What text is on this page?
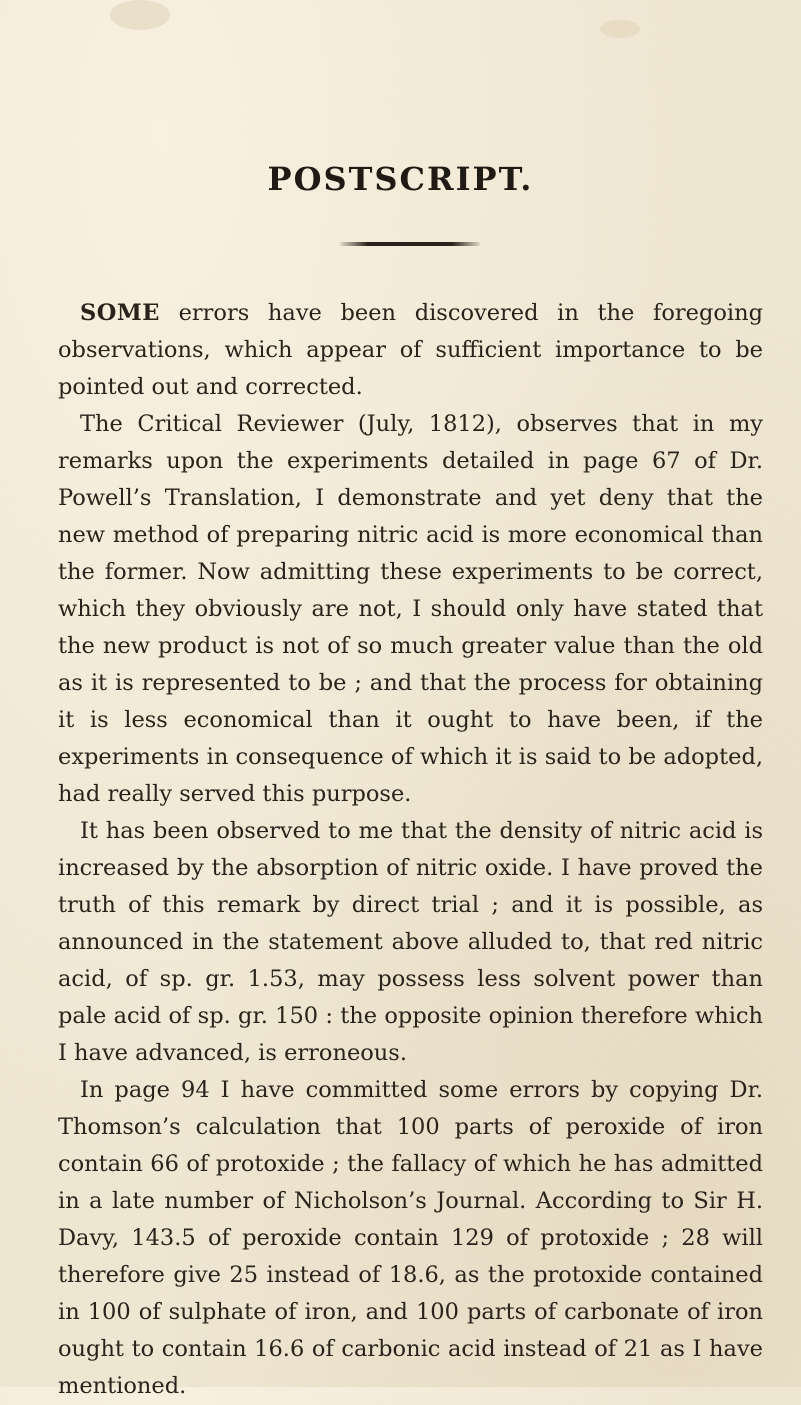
POSTSCRIPT.

SOME errors have been discovered in the foregoing observations, which appear of sufficient importance to be pointed out and corrected.

The Critical Reviewer (July, 1812), observes that in my remarks upon the experiments detailed in page 67 of Dr. Powell’s Translation, I demonstrate and yet deny that the new method of preparing nitric acid is more economical than the former. Now admitting these experiments to be correct, which they obviously are not, I should only have stated that the new product is not of so much greater value than the old as it is represented to be ; and that the process for obtaining it is less economical than it ought to have been, if the experiments in consequence of which it is said to be adopted, had really served this purpose.

It has been observed to me that the density of nitric acid is increased by the absorption of nitric oxide. I have proved the truth of this remark by direct trial ; and it is possible, as announced in the statement above alluded to, that red nitric acid, of sp. gr. 1.53, may possess less solvent power than pale acid of sp. gr. 150 : the opposite opinion therefore which I have advanced, is erroneous.

In page 94 I have committed some errors by copying Dr. Thomson’s calculation that 100 parts of peroxide of iron contain 66 of protoxide ; the fallacy of which he has admitted in a late number of Nicholson’s Journal. According to Sir H. Davy, 143.5 of peroxide contain 129 of protoxide ; 28 will therefore give 25 instead of 18.6, as the protoxide contained in 100 of sulphate of iron, and 100 parts of carbonate of iron ought to contain 16.6 of carbonic acid instead of 21 as I have mentioned.
